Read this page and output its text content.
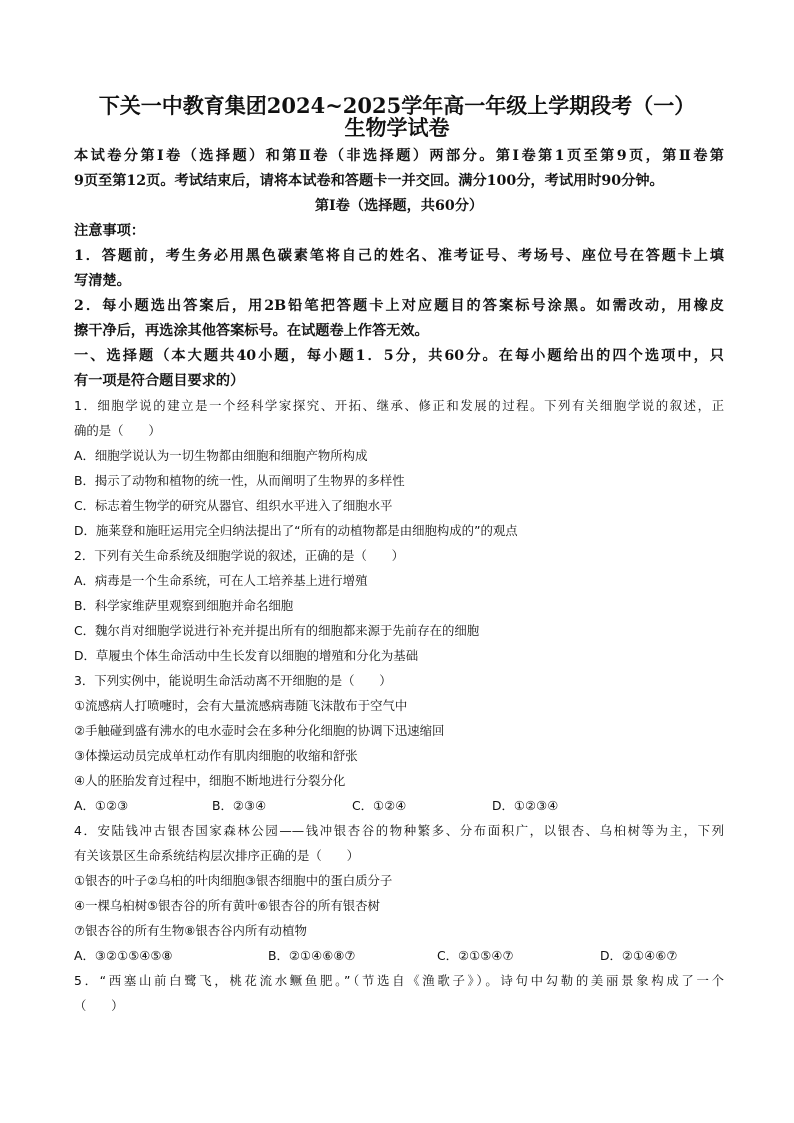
下关一中教育集团2024~2025学年高一年级上学期段考（一）
生物学试卷
本试卷分第Ⅰ卷（选择题）和第Ⅱ卷（非选择题）两部分。第Ⅰ卷第1页至第9页，第Ⅱ卷第
9页至第12页。考试结束后，请将本试卷和答题卡一并交回。满分100分，考试用时90分钟。
第Ⅰ卷（选择题，共60分）
注意事项：
1．答题前，考生务必用黑色碳素笔将自己的姓名、准考证号、考场号、座位号在答题卡上填
写清楚。
2．每小题选出答案后，用2B铅笔把答题卡上对应题目的答案标号涂黑。如需改动，用橡皮
擦干净后，再选涂其他答案标号。在试题卷上作答无效。
一、选择题（本大题共40小题，每小题1．5分，共60分。在每小题给出的四个选项中，只
有一项是符合题目要求的）
1．细胞学说的建立是一个经科学家探究、开拓、继承、修正和发展的过程。下列有关细胞学说的叙述，正
确的是（　　）
A．细胞学说认为一切生物都由细胞和细胞产物所构成
B．揭示了动物和植物的统一性，从而阐明了生物界的多样性
C．标志着生物学的研究从器官、组织水平进入了细胞水平
D．施莱登和施旺运用完全归纳法提出了“所有的动植物都是由细胞构成的”的观点
2．下列有关生命系统及细胞学说的叙述，正确的是（　　）
A．病毒是一个生命系统，可在人工培养基上进行增殖
B．科学家维萨里观察到细胞并命名细胞
C．魏尔肖对细胞学说进行补充并提出所有的细胞都来源于先前存在的细胞
D．草履虫个体生命活动中生长发育以细胞的增殖和分化为基础
3．下列实例中，能说明生命活动离不开细胞的是（　　）
①流感病人打喷嚏时，会有大量流感病毒随飞沫散布于空气中
②手触碰到盛有沸水的电水壶时会在多种分化细胞的协调下迅速缩回
③体操运动员完成单杠动作有肌肉细胞的收缩和舒张
④人的胚胎发育过程中，细胞不断地进行分裂分化
A．①②③	B．②③④	C．①②④	D．①②③④
4．安陆钱冲古银杏国家森林公园——钱冲银杏谷的物种繁多、分布面积广，以银杏、乌桕树等为主，下列
有关该景区生命系统结构层次排序正确的是（　　）
①银杏的叶子②乌桕的叶肉细胞③银杏细胞中的蛋白质分子
④一棵乌桕树⑤银杏谷的所有黄叶⑥银杏谷的所有银杏树
⑦银杏谷的所有生物⑧银杏谷内所有动植物
A．③②①⑤④⑤⑧	B．②①④⑥⑧⑦	C．②①⑤④⑦	D．②①④⑥⑦
5．“西塞山前白鹭飞，桃花流水鳜鱼肥。”（节选自《渔歌子》）。诗句中勾勒的美丽景象构成了一个
（　　）
